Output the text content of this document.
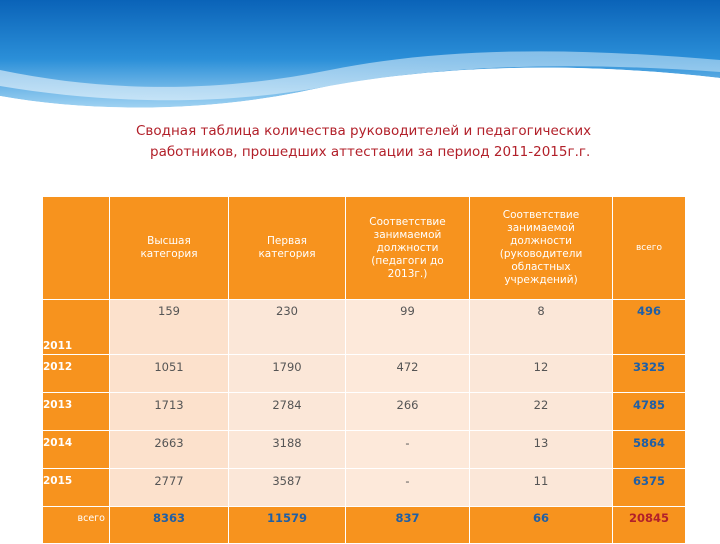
Сводная таблица количества руководителей и педагогических
работников, прошедших аттестации за период 2011-2015г.г.
	Высшая категория	Первая категория	Соответствие занимаемой должности (педагоги до 2013г.)	Соответствие занимаемой должности (руководители областных учреждений)	всего
2011	159	230	99	8	496
2012	1051	1790	472	12	3325
2013	1713	2784	266	22	4785
2014	2663	3188	-	13	5864
2015	2777	3587	-	11	6375
всего	8363	11579	837	66	20845
